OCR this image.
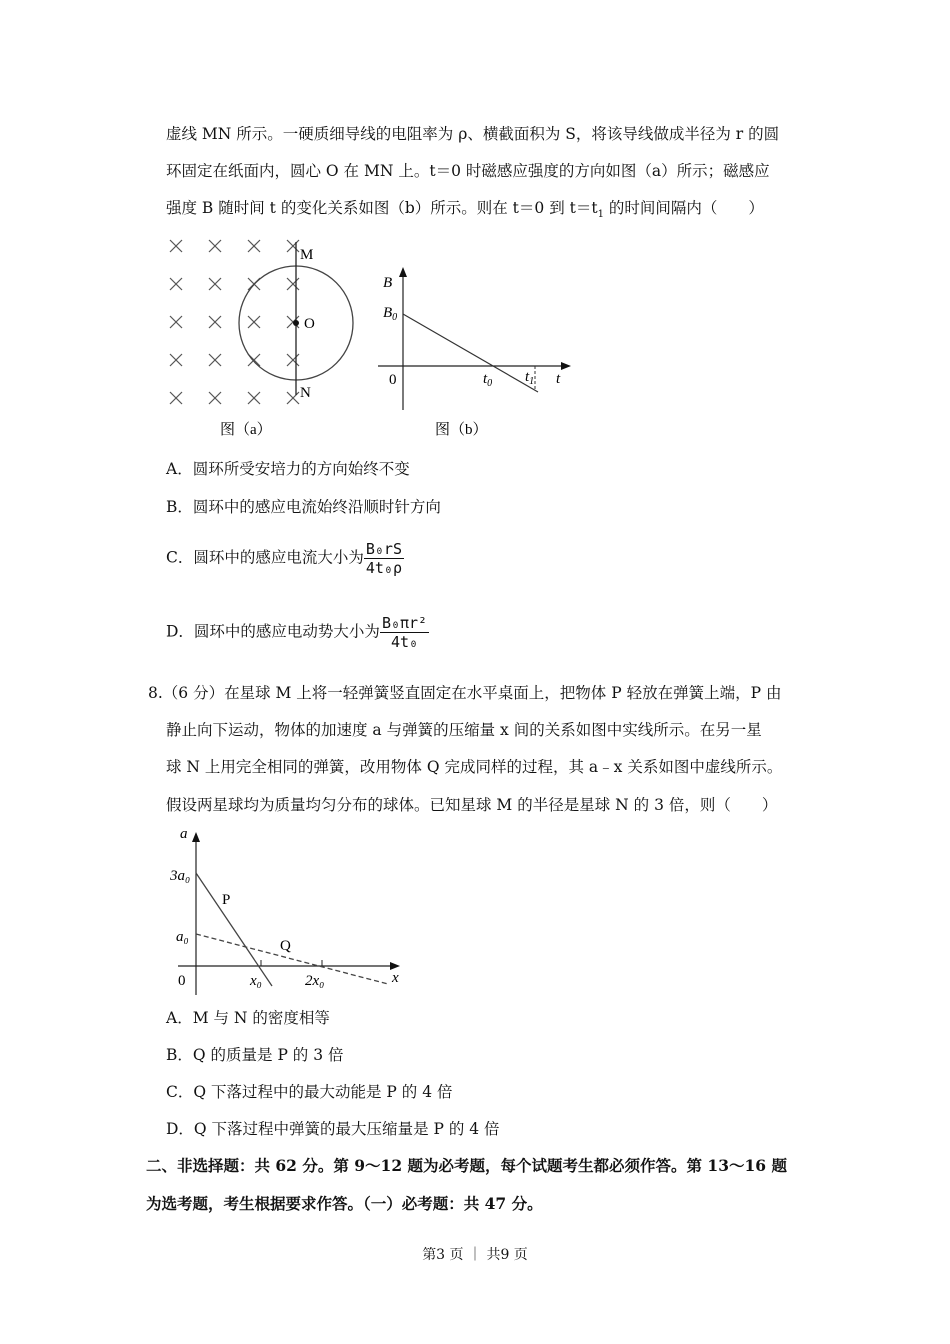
虚线 MN 所示。一硬质细导线的电阻率为 ρ、横截面积为 S，将该导线做成半径为 r 的圆
环固定在纸面内，圆心 O 在 MN 上。t＝0 时磁感应强度的方向如图（a）所示；磁感应
强度 B 随时间 t 的变化关系如图（b）所示。则在 t＝0 到 $t=t_1$ 的时间间隔内（　　）
M
N
O
图（a）
B
$B_0$
0	$t_0$ $t_1$ t
图（b）
A．圆环所受安培力的方向始终不变
B．圆环中的感应电流始终沿顺时针方向
C．圆环中的感应电流大小为 $\frac{\text{B₀rS}}{\text{4t₀ρ}}$
D．圆环中的感应电动势大小为 $\frac{\text{B₀πr²}}{\text{4t₀}}$
8.（6 分）在星球 M 上将一轻弹簧竖直固定在水平桌面上，把物体 P 轻放在弹簧上端，P 由
静止向下运动，物体的加速度 a 与弹簧的压缩量 x 间的关系如图中实线所示。在另一星
球 N 上用完全相同的弹簧，改用物体 Q 完成同样的过程，其 a﹣x 关系如图中虚线所示。
假设两星球均为质量均匀分布的球体。已知星球 M 的半径是星球 N 的 3 倍，则（　　）
a
3a₀
a₀
0	x₀	2x₀	x
P
Q
A．M 与 N 的密度相等
B．Q 的质量是 P 的 3 倍
C．Q 下落过程中的最大动能是 P 的 4 倍
D．Q 下落过程中弹簧的最大压缩量是 P 的 4 倍
二、非选择题：共 62 分。第 9～12 题为必考题，每个试题考生都必须作答。第 13～16 题
为选考题，考生根据要求作答。（一）必考题：共 47 分。
第3 页 ｜ 共9 页
